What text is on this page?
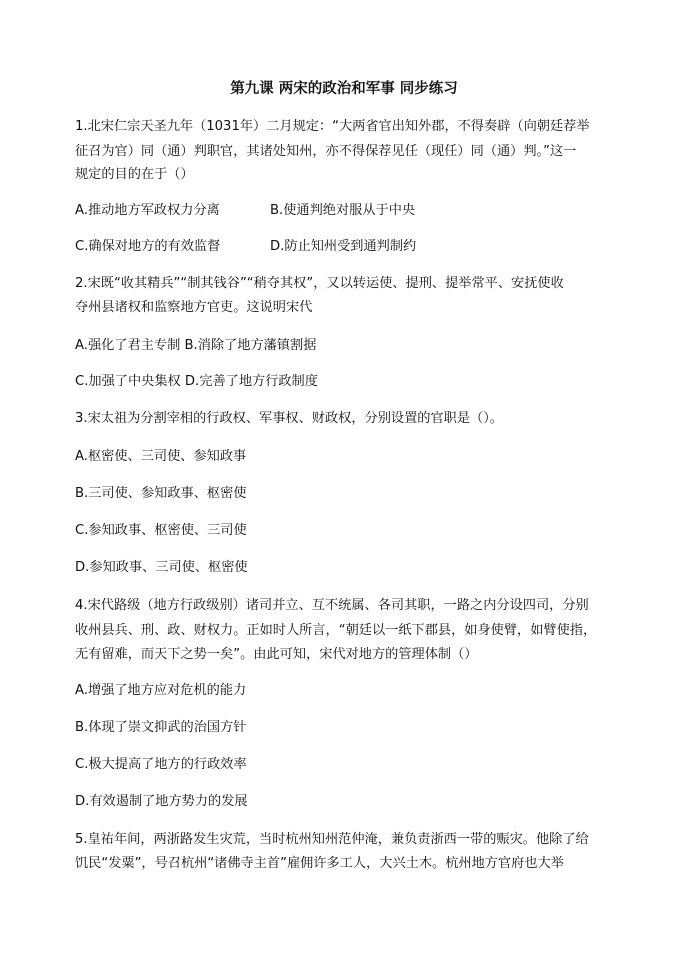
第九课 两宋的政治和军事 同步练习
1.北宋仁宗天圣九年（1031年）二月规定：“大两省官出知外郡，不得奏辟（向朝廷荐举
征召为官）同（通）判职官，其诸处知州，亦不得保荐见任（现任）同（通）判。”这一
规定的目的在于（）
A.推动地方军政权力分离	B.使通判绝对服从于中央
C.确保对地方的有效监督	D.防止知州受到通判制约
2.宋既“收其精兵”“制其钱谷”“稍夺其权”，又以转运使、提刑、提举常平、安抚使收
夺州县诸权和监察地方官吏。这说明宋代
A.强化了君主专制 B.消除了地方藩镇割据
C.加强了中央集权 D.完善了地方行政制度
3.宋太祖为分割宰相的行政权、军事权、财政权，分别设置的官职是（）。
A.枢密使、三司使、参知政事
B.三司使、参知政事、枢密使
C.参知政事、枢密使、三司使
D.参知政事、三司使、枢密使
4.宋代路级（地方行政级别）诸司并立、互不统属、各司其职，一路之内分设四司，分别
收州县兵、刑、政、财权力。正如时人所言，“朝廷以一纸下郡县，如身使臂，如臂使指，
无有留难，而天下之势一矣”。由此可知，宋代对地方的管理体制（）
A.增强了地方应对危机的能力
B.体现了崇文抑武的治国方针
C.极大提高了地方的行政效率
D.有效遏制了地方势力的发展
5.皇祐年间，两浙路发生灾荒，当时杭州知州范仲淹，兼负责浙西一带的赈灾。他除了给
饥民“发粟”，号召杭州“诸佛寺主首”雇佣许多工人，大兴土木。杭州地方官府也大举
